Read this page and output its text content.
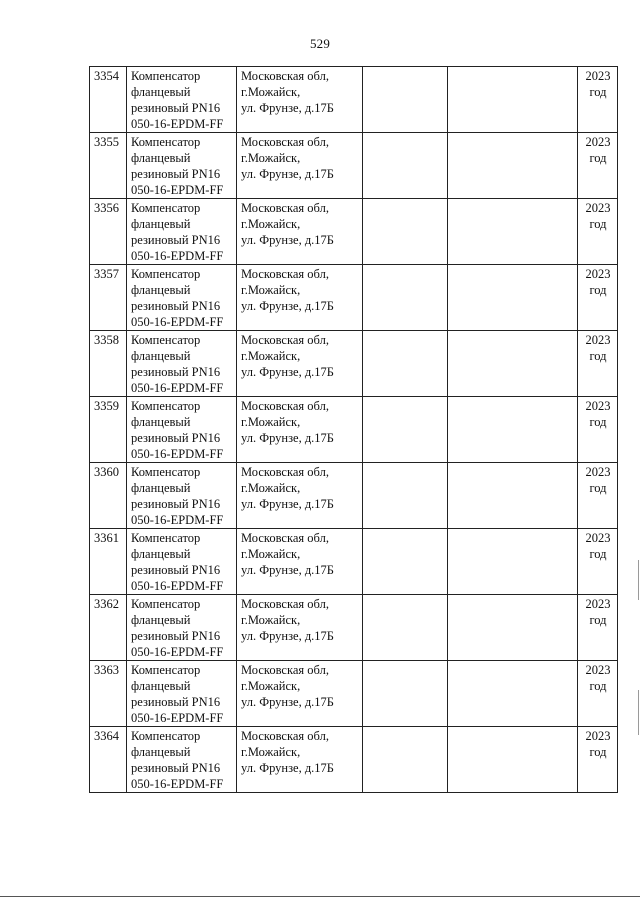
529
3354	Компенсатор
фланцевый
резиновый PN16
050-16-EPDM-FF	Московская обл,
г.Можайск,
ул. Фрунзе, д.17Б			2023
год

3355	Компенсатор
фланцевый
резиновый PN16
050-16-EPDM-FF	Московская обл,
г.Можайск,
ул. Фрунзе, д.17Б			2023
год

3356	Компенсатор
фланцевый
резиновый PN16
050-16-EPDM-FF	Московская обл,
г.Можайск,
ул. Фрунзе, д.17Б			2023
год

3357	Компенсатор
фланцевый
резиновый PN16
050-16-EPDM-FF	Московская обл,
г.Можайск,
ул. Фрунзе, д.17Б			2023
год

3358	Компенсатор
фланцевый
резиновый PN16
050-16-EPDM-FF	Московская обл,
г.Можайск,
ул. Фрунзе, д.17Б			2023
год

3359	Компенсатор
фланцевый
резиновый PN16
050-16-EPDM-FF	Московская обл,
г.Можайск,
ул. Фрунзе, д.17Б			2023
год

3360	Компенсатор
фланцевый
резиновый PN16
050-16-EPDM-FF	Московская обл,
г.Можайск,
ул. Фрунзе, д.17Б			2023
год

3361	Компенсатор
фланцевый
резиновый PN16
050-16-EPDM-FF	Московская обл,
г.Можайск,
ул. Фрунзе, д.17Б			2023
год

3362	Компенсатор
фланцевый
резиновый PN16
050-16-EPDM-FF	Московская обл,
г.Можайск,
ул. Фрунзе, д.17Б			2023
год

3363	Компенсатор
фланцевый
резиновый PN16
050-16-EPDM-FF	Московская обл,
г.Можайск,
ул. Фрунзе, д.17Б			2023
год

3364	Компенсатор
фланцевый
резиновый PN16
050-16-EPDM-FF	Московская обл,
г.Можайск,
ул. Фрунзе, д.17Б			2023
год
